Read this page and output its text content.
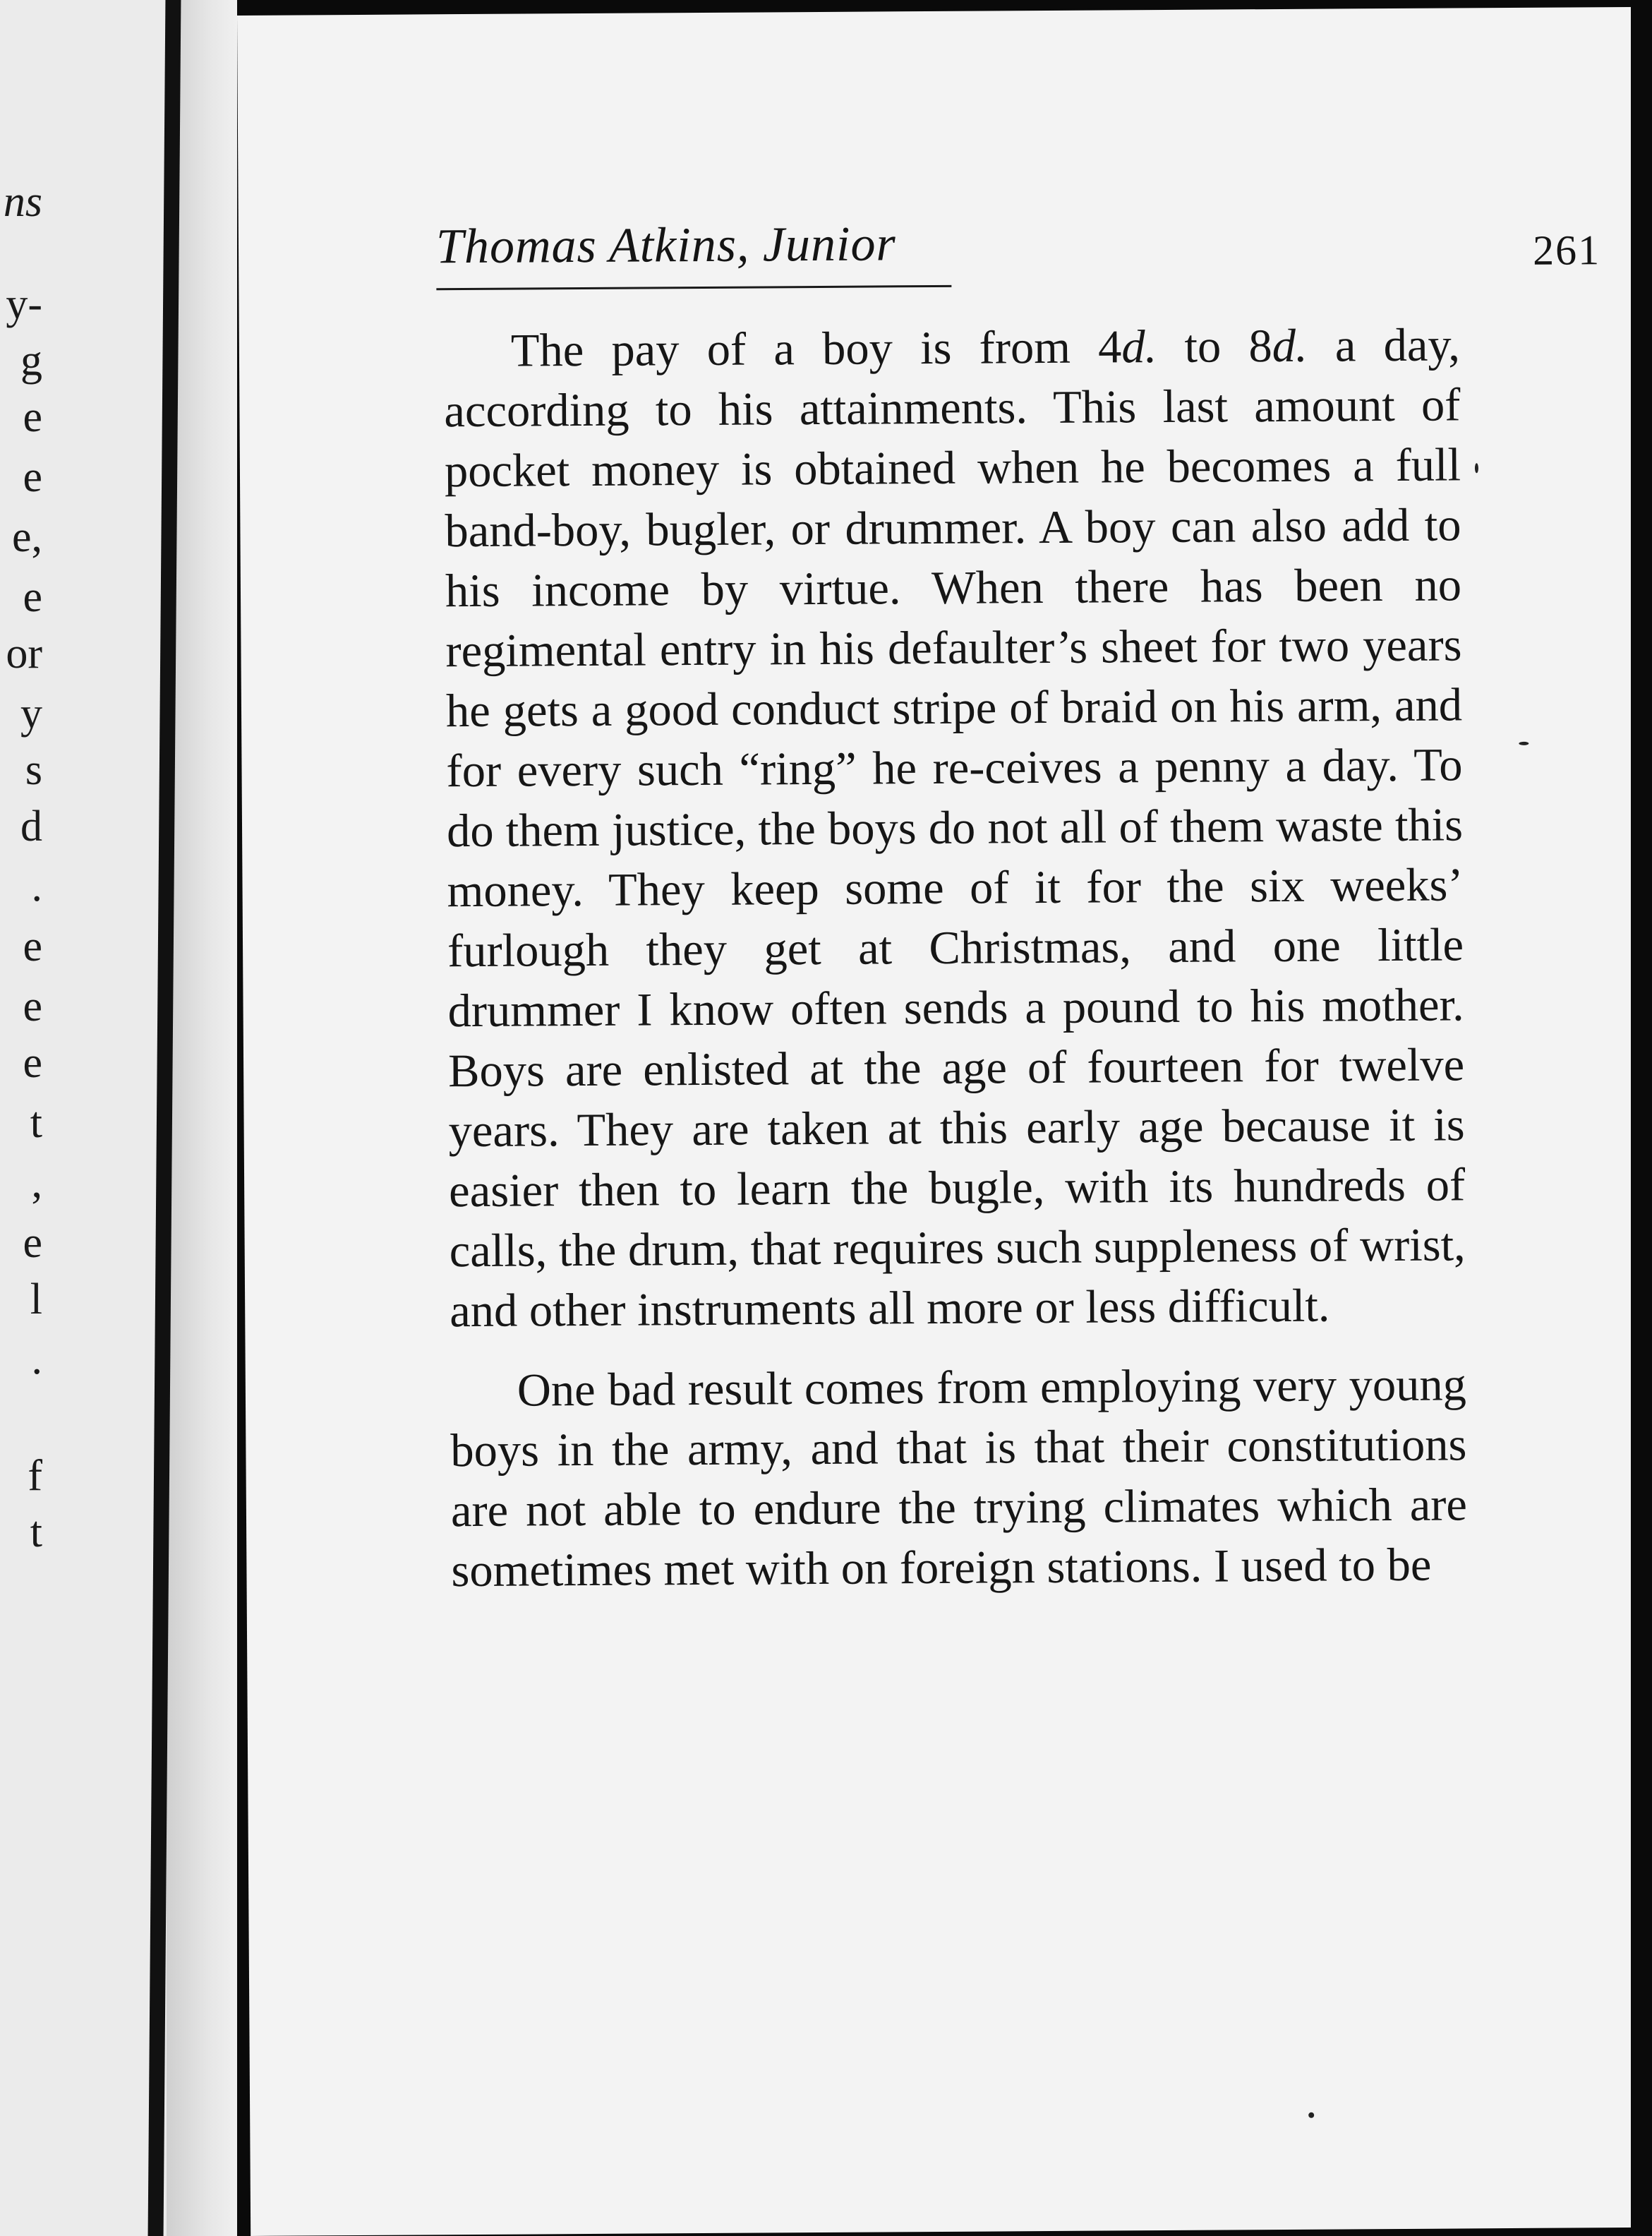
ns
y-
g
e
e
e,
e
or
y
s
d
.
e
e
e
t
,
e
l
.
f
t
Thomas Atkins, Junior	261

The pay of a boy is from 4d. to 8d. a day, according to his attainments. This last amount of pocket money is obtained when he becomes a full band-boy, bugler, or drummer. A boy can also add to his income by virtue. When there has been no regimental entry in his defaulter’s sheet for two years he gets a good conduct stripe of braid on his arm, and for every such “ring” he re-ceives a penny a day. To do them justice, the boys do not all of them waste this money. They keep some of it for the six weeks’ furlough they get at Christmas, and one little drummer I know often sends a pound to his mother. Boys are enlisted at the age of fourteen for twelve years. They are taken at this early age because it is easier then to learn the bugle, with its hundreds of calls, the drum, that requires such suppleness of wrist, and other instruments all more or less difficult.

One bad result comes from employing very young boys in the army, and that is that their constitutions are not able to endure the trying climates which are sometimes met with on foreign stations. I used to be
